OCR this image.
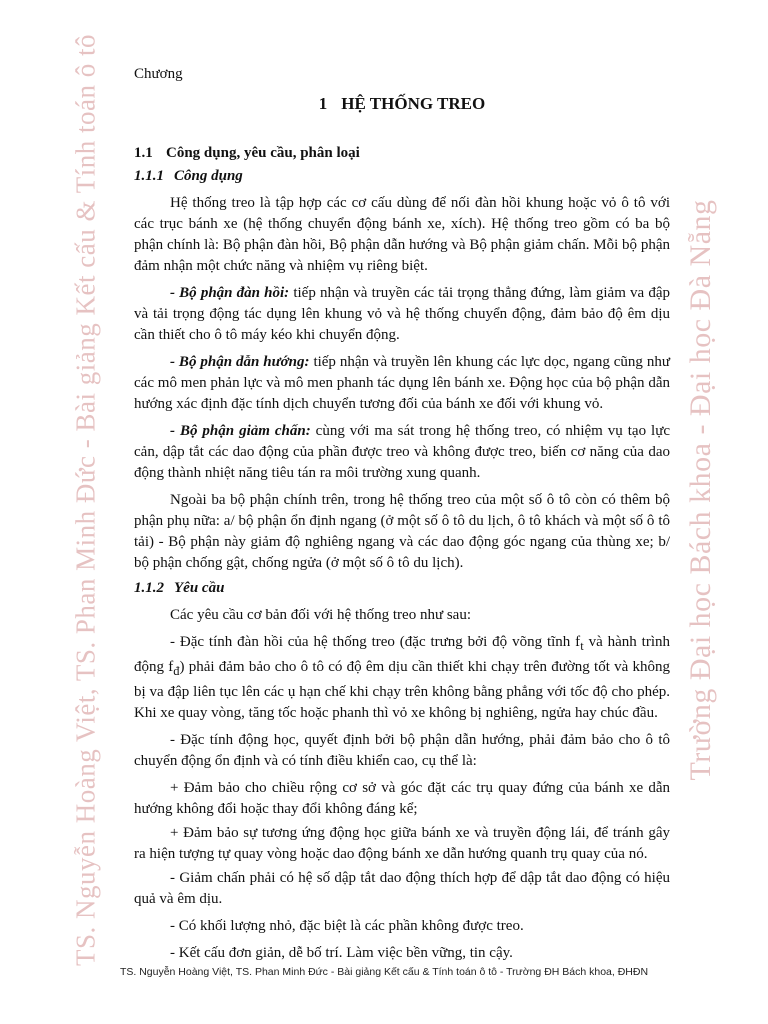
TS. Nguyễn Hoàng Việt, TS. Phan Minh Đức - Bài giảng Kết cấu & Tính toán ô tô	Trường Đại học Bách khoa - Đại học Đà Nẵng
Chương
1 HỆ THỐNG TREO
1.1 Công dụng, yêu cầu, phân loại
1.1.1 Công dụng

Hệ thống treo là tập hợp các cơ cấu dùng để nối đàn hồi khung hoặc vỏ ô tô với các trục bánh xe (hệ thống chuyển động bánh xe, xích). Hệ thống treo gồm có ba bộ phận chính là: Bộ phận đàn hồi, Bộ phận dẫn hướng và Bộ phận giảm chấn. Mỗi bộ phận đảm nhận một chức năng và nhiệm vụ riêng biệt.

- Bộ phận đàn hồi: tiếp nhận và truyền các tải trọng thẳng đứng, làm giảm va đập và tải trọng động tác dụng lên khung vỏ và hệ thống chuyển động, đảm bảo độ êm dịu cần thiết cho ô tô máy kéo khi chuyển động.

- Bộ phận dẫn hướng: tiếp nhận và truyền lên khung các lực dọc, ngang cũng như các mô men phản lực và mô men phanh tác dụng lên bánh xe. Động học của bộ phận dẫn hướng xác định đặc tính dịch chuyển tương đối của bánh xe đối với khung vỏ.

- Bộ phận giảm chấn: cùng với ma sát trong hệ thống treo, có nhiệm vụ tạo lực cản, dập tắt các dao động của phần được treo và không được treo, biến cơ năng của dao động thành nhiệt năng tiêu tán ra môi trường xung quanh.

Ngoài ba bộ phận chính trên, trong hệ thống treo của một số ô tô còn có thêm bộ phận phụ nữa: a/ bộ phận ổn định ngang (ở một số ô tô du lịch, ô tô khách và một số ô tô tải) - Bộ phận này giảm độ nghiêng ngang và các dao động góc ngang của thùng xe; b/ bộ phận chống gật, chống ngửa (ở một số ô tô du lịch).

1.1.2 Yêu cầu

Các yêu cầu cơ bản đối với hệ thống treo như sau:

- Đặc tính đàn hồi của hệ thống treo (đặc trưng bởi độ võng tĩnh $f_t$ và hành trình động $f_đ$) phải đảm bảo cho ô tô có độ êm dịu cần thiết khi chạy trên đường tốt và không bị va đập liên tục lên các ụ hạn chế khi chạy trên không bằng phẳng với tốc độ cho phép. Khi xe quay vòng, tăng tốc hoặc phanh thì vỏ xe không bị nghiêng, ngửa hay chúc đầu.

- Đặc tính động học, quyết định bởi bộ phận dẫn hướng, phải đảm bảo cho ô tô chuyển động ổn định và có tính điều khiển cao, cụ thể là:

+ Đảm bảo cho chiều rộng cơ sở và góc đặt các trụ quay đứng của bánh xe dẫn hướng không đổi hoặc thay đổi không đáng kể;

+ Đảm bảo sự tương ứng động học giữa bánh xe và truyền động lái, để tránh gây ra hiện tượng tự quay vòng hoặc dao động bánh xe dẫn hướng quanh trụ quay của nó.

- Giảm chấn phải có hệ số dập tắt dao động thích hợp để dập tắt dao động có hiệu quả và êm dịu.

- Có khối lượng nhỏ, đặc biệt là các phần không được treo.

- Kết cấu đơn giản, dễ bố trí. Làm việc bền vững, tin cậy.

TS. Nguyễn Hoàng Việt, TS. Phan Minh Đức - Bài giảng Kết cấu & Tính toán ô tô - Trường ĐH Bách khoa, ĐHĐN
